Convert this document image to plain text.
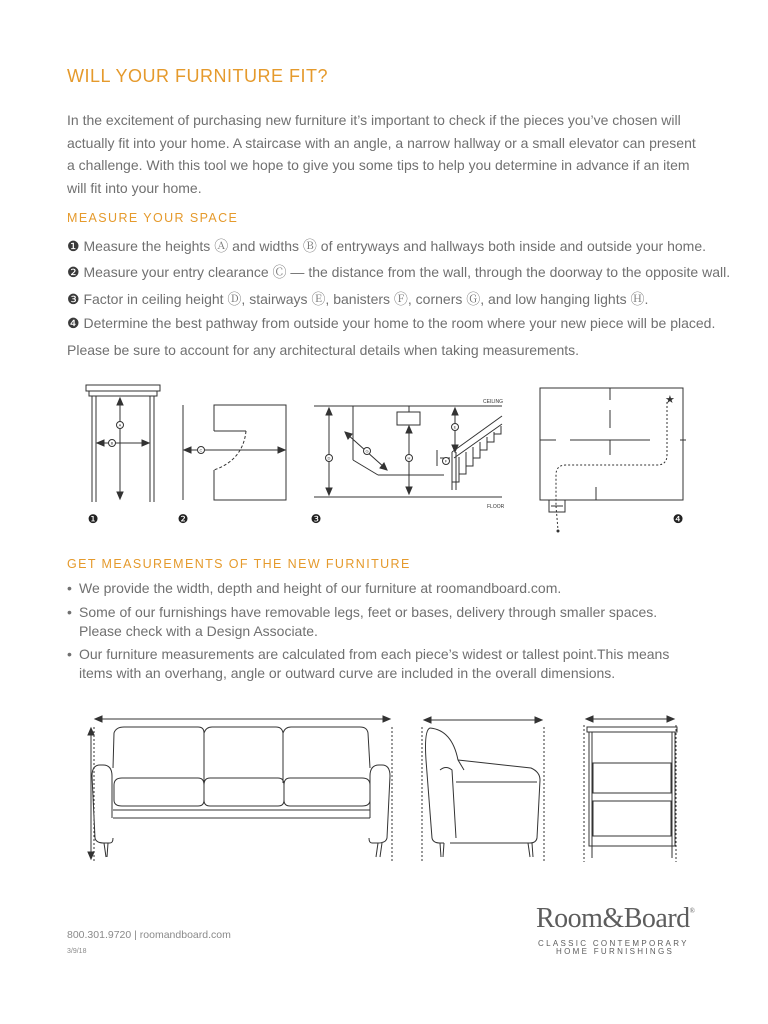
WILL YOUR FURNITURE FIT?

In the excitement of purchasing new furniture it’s important to check if the pieces you’ve chosen will actually fit into your home. A staircase with an angle, a narrow hallway or a small elevator can present a challenge. With this tool we hope to give you some tips to help you determine in advance if an item will fit into your home.

MEASURE YOUR SPACE
❶ Measure the heights Ⓐ and widths Ⓑ of entryways and hallways both inside and outside your home.
❷ Measure your entry clearance Ⓒ — the distance from the wall, through the doorway to the opposite wall.
❸ Factor in ceiling height Ⓓ, stairways Ⓔ, banisters Ⓕ, corners Ⓖ, and low hanging lights Ⓗ.
❹ Determine the best pathway from outside your home to the room where your new piece will be placed.
Please be sure to account for any architectural details when taking measurements.
★
A
B
C
D
G
H
E
F
CEILING
FLOOR
❶	❷	❸	❹
GET MEASUREMENTS OF THE NEW FURNITURE
• We provide the width, depth and height of our furniture at roomandboard.com.
• Some of our furnishings have removable legs, feet or bases, delivery through smaller spaces. Please check with a Design Associate.
• Our furniture measurements are calculated from each piece’s widest or tallest point.This means items with an overhang, angle or outward curve are included in the overall dimensions.
800.301.9720 | roomandboard.com
3/9/18
Room&Board®
CLASSIC CONTEMPORARY
HOME FURNISHINGS
